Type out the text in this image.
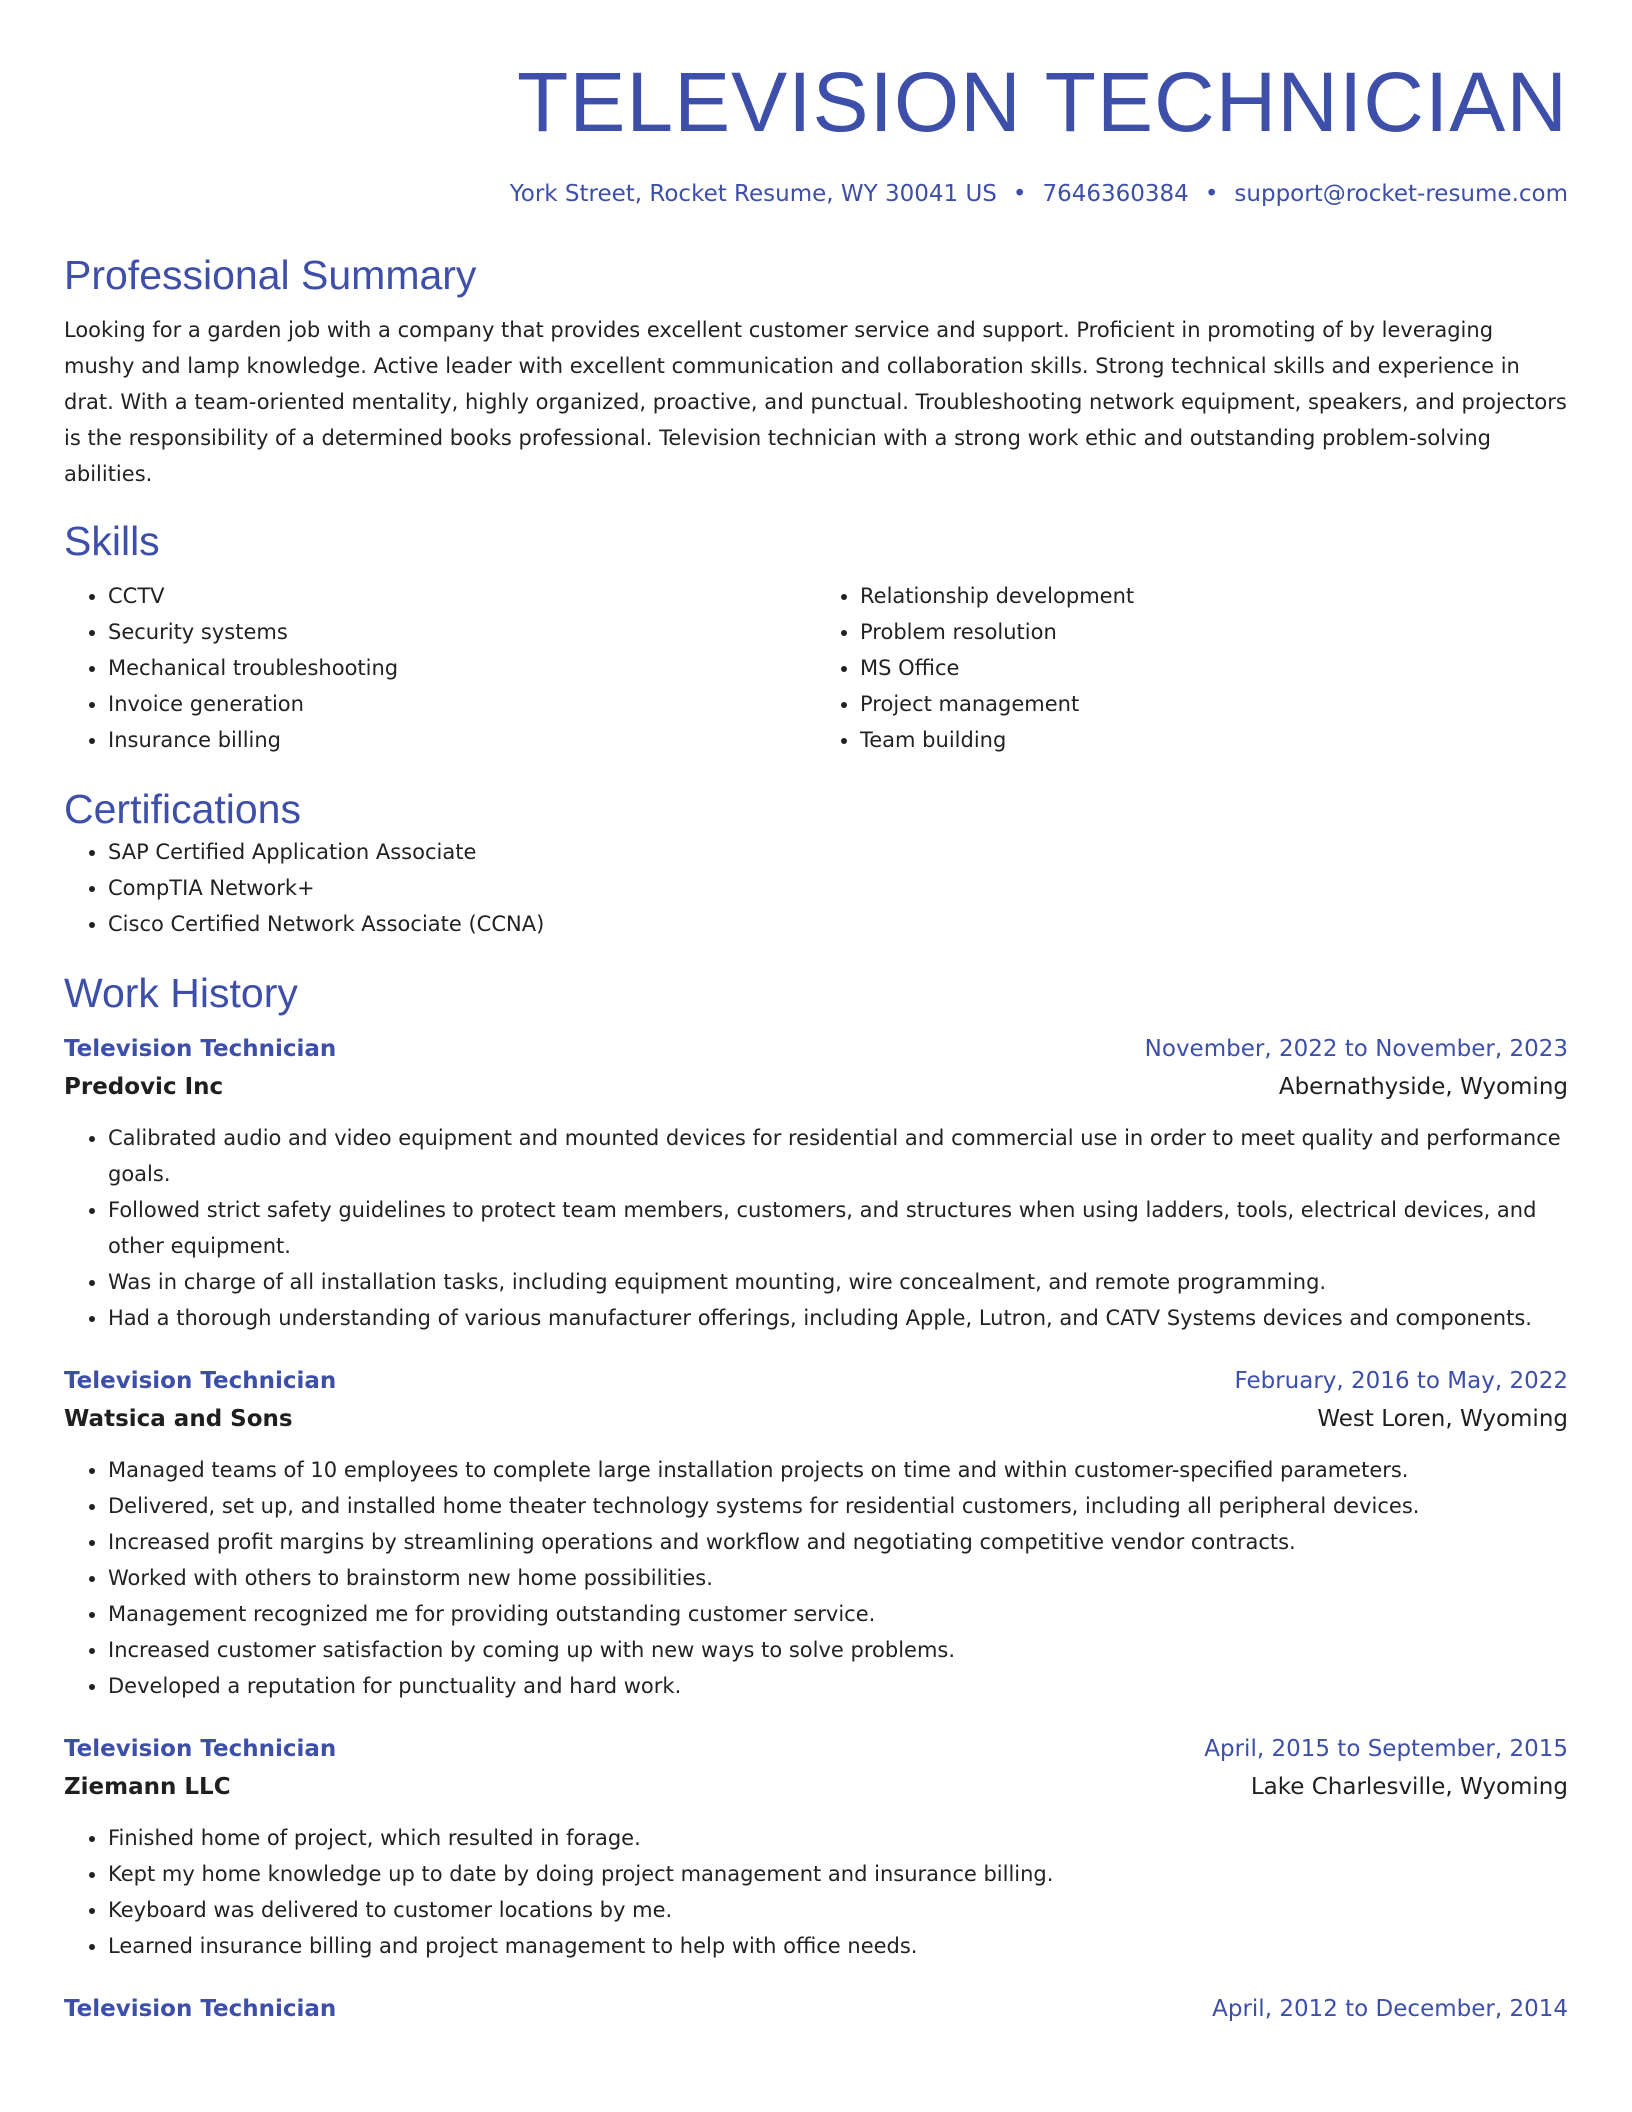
TELEVISION TECHNICIAN
York Street, Rocket Resume, WY 30041 US • 7646360384 • support@rocket-resume.com
Professional Summary

Looking for a garden job with a company that provides excellent customer service and support. Proficient in promoting of by leveraging mushy and lamp knowledge. Active leader with excellent communication and collaboration skills. Strong technical skills and experience in drat. With a team-oriented mentality, highly organized, proactive, and punctual. Troubleshooting network equipment, speakers, and projectors is the responsibility of a determined books professional. Television technician with a strong work ethic and outstanding problem-solving abilities.

Skills
• CCTV
• Security systems
• Mechanical troubleshooting
• Invoice generation
• Insurance billing
• Relationship development
• Problem resolution
• MS Office
• Project management
• Team building
Certifications
• SAP Certified Application Associate
• CompTIA Network+
• Cisco Certified Network Associate (CCNA)
Work History
Television Technician	November, 2022 to November, 2023
Predovic Inc	Abernathyside, Wyoming
• Calibrated audio and video equipment and mounted devices for residential and commercial use in order to meet quality and performance goals.
• Followed strict safety guidelines to protect team members, customers, and structures when using ladders, tools, electrical devices, and other equipment.
• Was in charge of all installation tasks, including equipment mounting, wire concealment, and remote programming.
• Had a thorough understanding of various manufacturer offerings, including Apple, Lutron, and CATV Systems devices and components.
Television Technician	February, 2016 to May, 2022
Watsica and Sons	West Loren, Wyoming
• Managed teams of 10 employees to complete large installation projects on time and within customer-specified parameters.
• Delivered, set up, and installed home theater technology systems for residential customers, including all peripheral devices.
• Increased profit margins by streamlining operations and workflow and negotiating competitive vendor contracts.
• Worked with others to brainstorm new home possibilities.
• Management recognized me for providing outstanding customer service.
• Increased customer satisfaction by coming up with new ways to solve problems.
• Developed a reputation for punctuality and hard work.
Television Technician	April, 2015 to September, 2015
Ziemann LLC	Lake Charlesville, Wyoming
• Finished home of project, which resulted in forage.
• Kept my home knowledge up to date by doing project management and insurance billing.
• Keyboard was delivered to customer locations by me.
• Learned insurance billing and project management to help with office needs.
Television Technician	April, 2012 to December, 2014
